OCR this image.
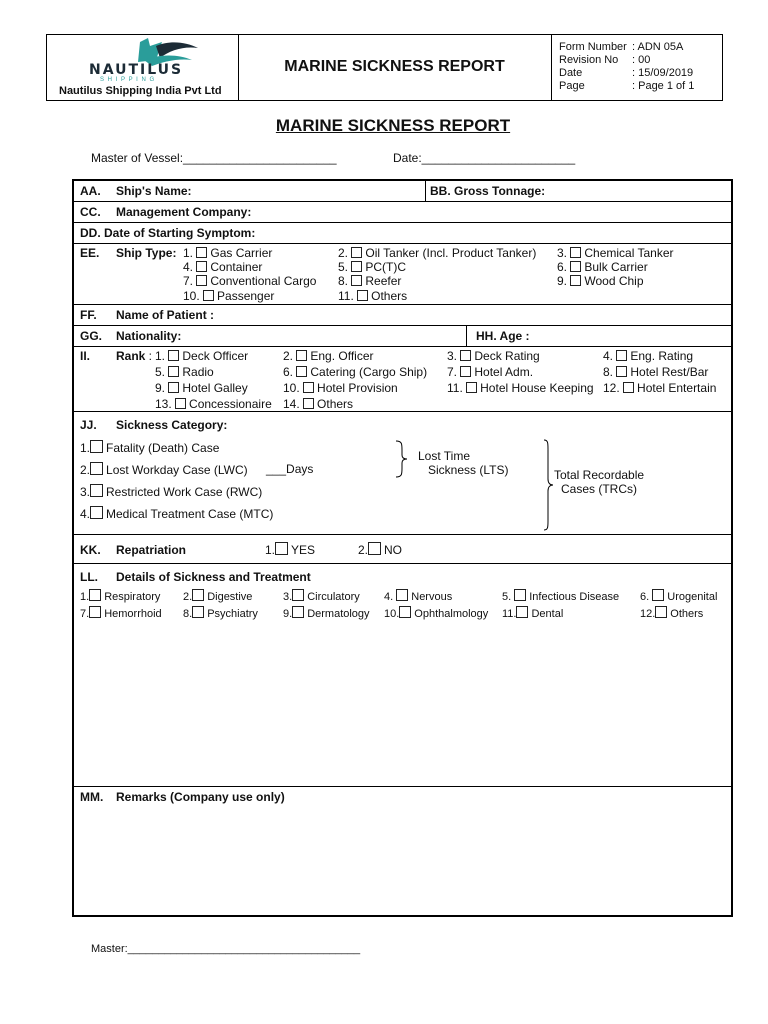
NAUTILUS
S H I P P I N G
Nautilus Shipping India Pvt Ltd
MARINE SICKNESS REPORT
Form Number : ADN 05A
Revision No : 00
Date	: 15/09/2019
Page	: Page 1 of 1
MARINE SICKNESS REPORT
Master of Vessel:_______________________	Date:_______________________
AA. Ship's Name:	BB. Gross Tonnage:
CC. Management Company:
DD. Date of Starting Symptom:
EE. Ship Type: 1. Gas Carrier	2. Oil Tanker (Incl. Product Tanker) 3. Chemical Tanker
4. Container	5. PC(T)C	6. Bulk Carrier
7. Conventional Cargo 8. Reefer	9. Wood Chip
10. Passenger	11. Others
FF. Name of Patient :
GG. Nationality:	HH. Age :
II. Rank : 1. Deck Officer	2. Eng. Officer	3. Deck Rating	4. Eng. Rating
5. Radio	6. Catering (Cargo Ship) 7. Hotel Adm.	8. Hotel Rest/Bar
9. Hotel Galley	10. Hotel Provision	11. Hotel House Keeping 12. Hotel Entertain
13. Concessionaire 14. Others
JJ. Sickness Category:
1. Fatality (Death) Case
2. Lost Workday Case (LWC) ___Days
3. Restricted Work Case (RWC)
4. Medical Treatment Case (MTC)
Lost Time
Sickness (LTS)	Total Recordable
Cases (TRCs)
KK. Repatriation	1. YES	2. NO
LL. Details of Sickness and Treatment
1. Respiratory 2. Digestive	3. Circulatory 4. Nervous	5. Infectious Disease 6. Urogenital
7. Hemorrhoid 8. Psychiatry 9. Dermatology 10. Ophthalmology 11. Dental	12. Others
MM. Remarks (Company use only)
Master:______________________________________
